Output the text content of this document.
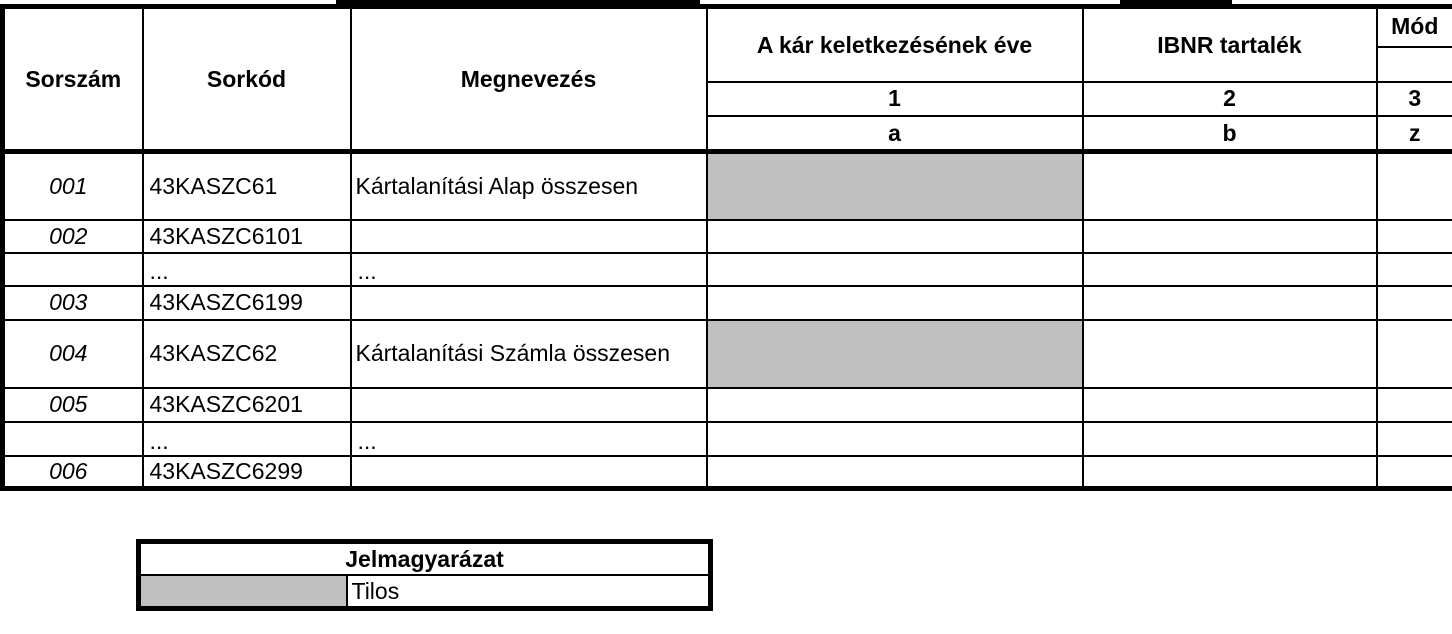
Sorszám	Sorkód	Megnevezés	A kár keletkezésének éve	IBNR tartalék	Mód

			1	2	3
			a	b	z
001	43KASZC61	Kártalanítási Alap összesen			
002	43KASZC6101				
	...	...			
003	43KASZC6199				
004	43KASZC62	Kártalanítási Számla összesen			
005	43KASZC6201				
	...	...			
006	43KASZC6299				
Jelmagyarázat
	Tilos
